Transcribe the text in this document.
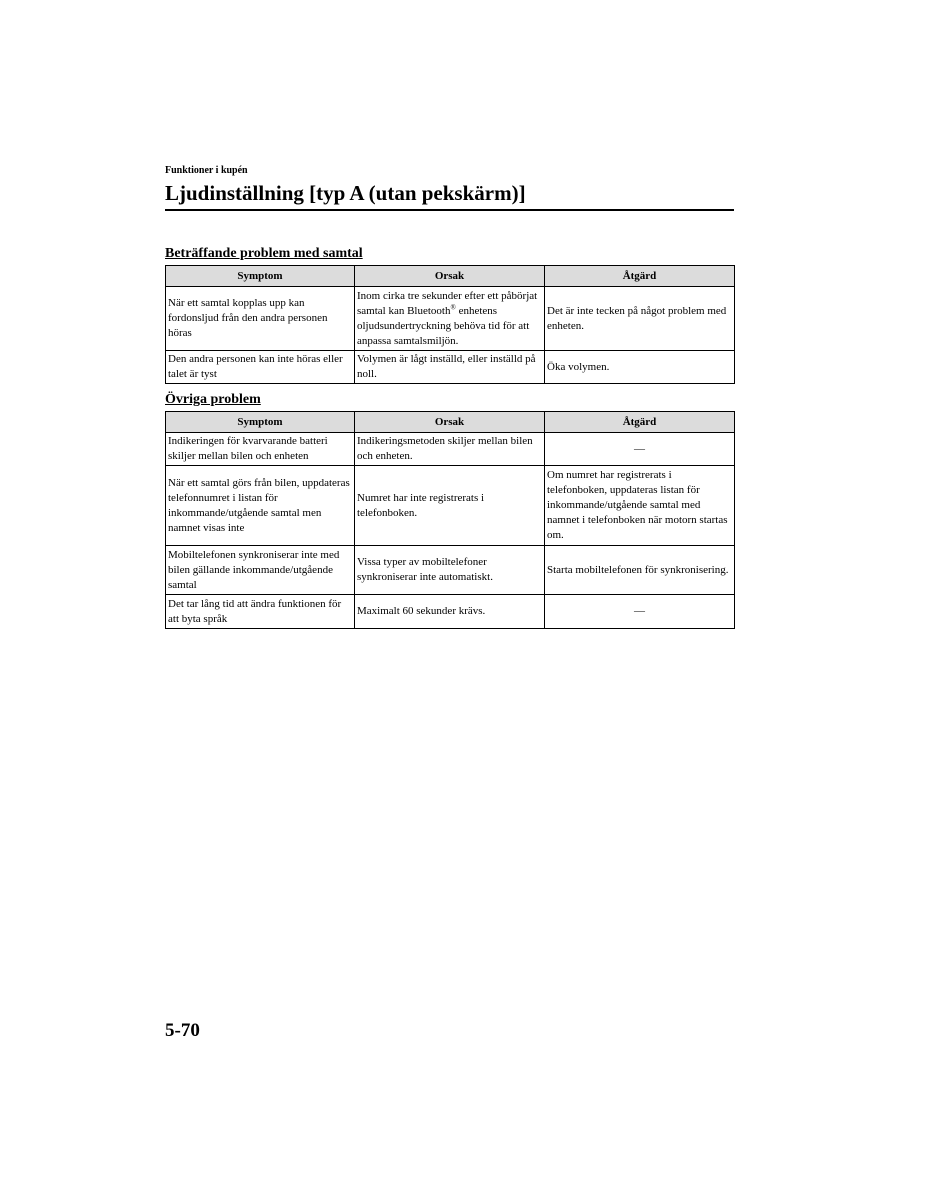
Funktioner i kupén
Ljudinställning [typ A (utan pekskärm)]
Beträffande problem med samtal
Symptom	Orsak	Åtgärd
När ett samtal kopplas upp kan fordonsljud från den andra personen höras	Inom cirka tre sekunder efter ett påbörjat samtal kan Bluetooth® enhetens oljudsundertryckning behöva tid för att anpassa samtalsmiljön.	Det är inte tecken på något problem med enheten.
Den andra personen kan inte höras eller talet är tyst	Volymen är lågt inställd, eller inställd på noll.	Öka volymen.
Övriga problem
Symptom	Orsak	Åtgärd
Indikeringen för kvarvarande batteri skiljer mellan bilen och enheten	Indikeringsmetoden skiljer mellan bilen och enheten.	—
När ett samtal görs från bilen, uppdateras telefonnumret i listan för inkommande/utgående samtal men namnet visas inte	Numret har inte registrerats i telefonboken.	Om numret har registrerats i telefonboken, uppdateras listan för inkommande/utgående samtal med namnet i telefonboken när motorn startas om.
Mobiltelefonen synkroniserar inte med bilen gällande inkommande/utgående samtal	Vissa typer av mobiltelefoner synkroniserar inte automatiskt.	Starta mobiltelefonen för synkronisering.
Det tar lång tid att ändra funktionen för att byta språk	Maximalt 60 sekunder krävs.	—
5-70
